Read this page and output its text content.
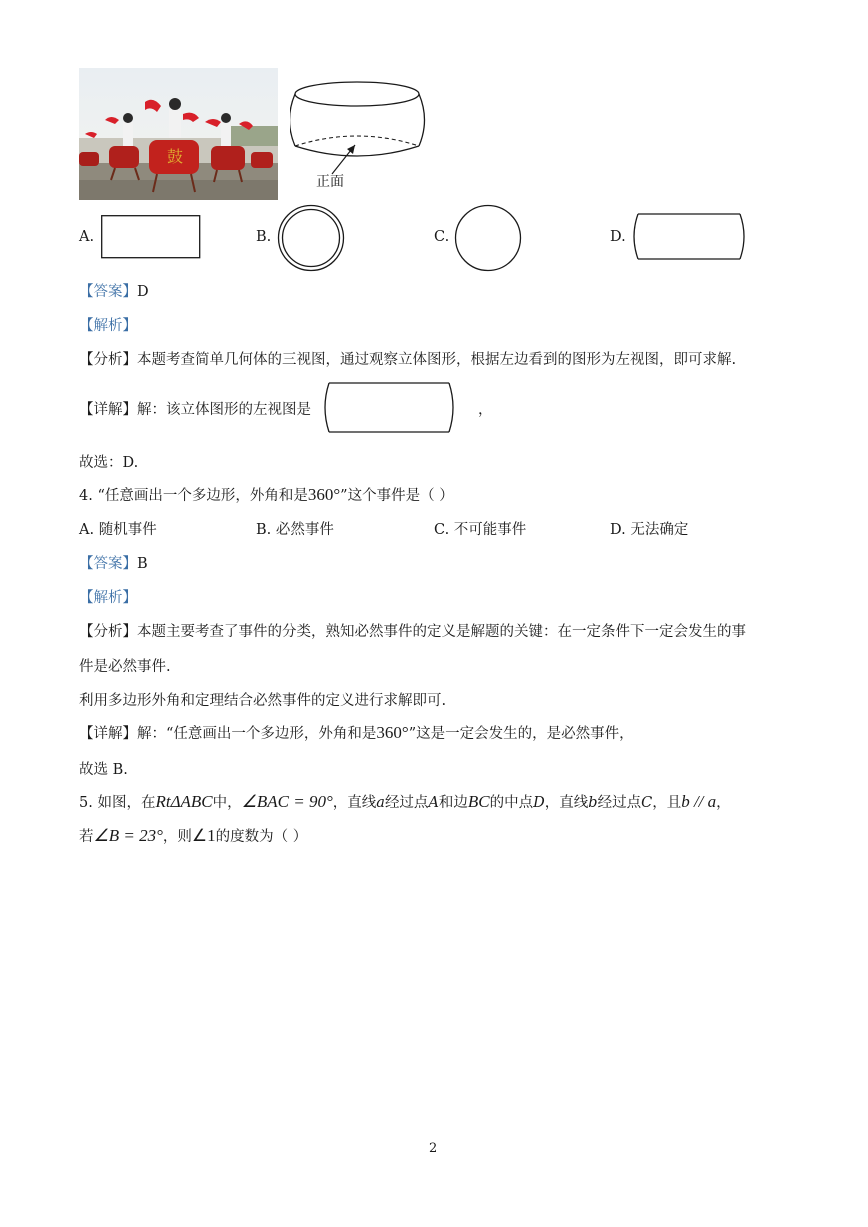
鼓
正面
A.	B.	C.	D.
【答案】D
【解析】
【分析】本题考查简单几何体的三视图，通过观察立体图形，根据左边看到的图形为左视图，即可求解.
【详解】解：该立体图形的左视图是	，
故选：D.
4. “任意画出一个多边形，外角和是360°”这个事件是（ ）
A. 随机事件	B. 必然事件	C. 不可能事件	D. 无法确定
【答案】B
【解析】
【分析】本题主要考查了事件的分类，熟知必然事件的定义是解题的关键：在一定条件下一定会发生的事
件是必然事件.
利用多边形外角和定理结合必然事件的定义进行求解即可.
【详解】解：“任意画出一个多边形，外角和是360°”这是一定会发生的，是必然事件，
故选 B.
5. 如图，在RtΔABC中，∠BAC = 90°，直线a经过点A和边BC的中点D，直线b经过点C，且b // a，
若∠B = 23°，则∠1的度数为（ ）
2
